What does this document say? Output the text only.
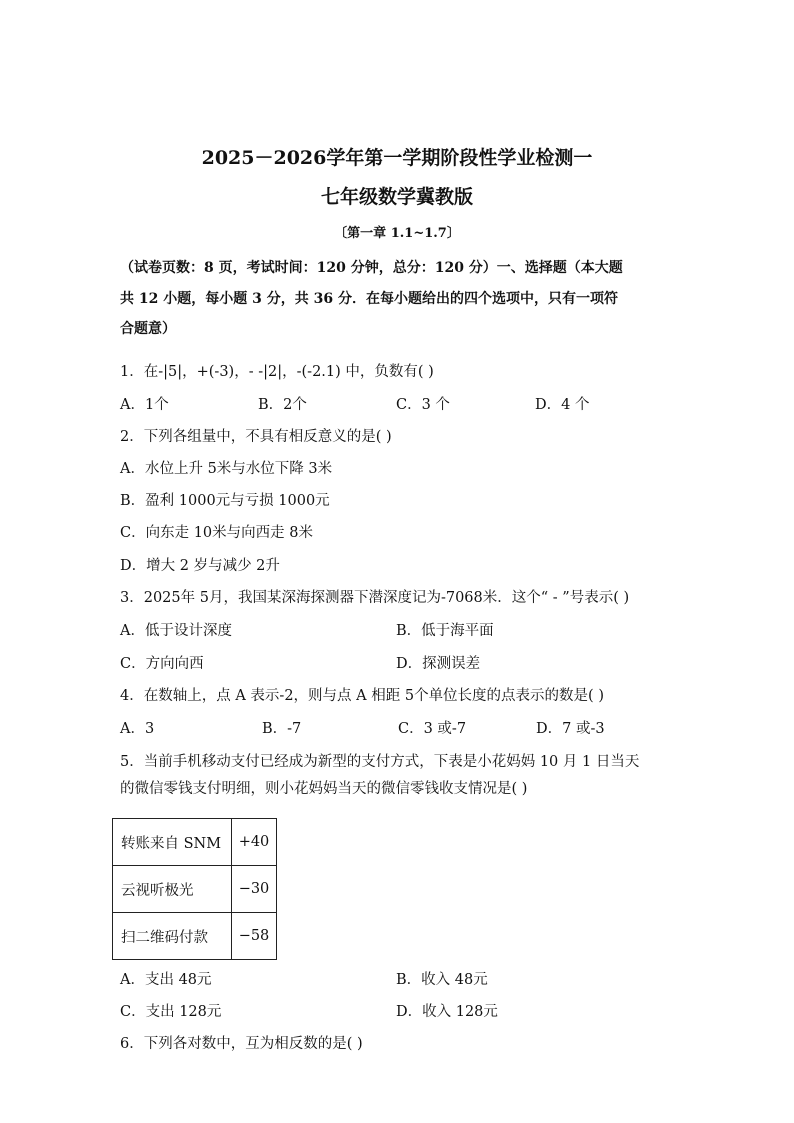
2025－2026学年第一学期阶段性学业检测一
七年级数学冀教版
〔第一章 1.1~1.7〕
（试卷页数：8 页，考试时间：120 分钟，总分：120 分）一、选择题（本大题
共 12 小题，每小题 3 分，共 36 分．在每小题给出的四个选项中，只有一项符
合题意）
1．在-|5|，+(-3)，- -|2|，-(-2.1) 中，负数有( )
A．1个	B．2个	C．3 个	D．4 个
2．下列各组量中，不具有相反意义的是( )
A．水位上升 5米与水位下降 3米
B．盈利 1000元与亏损 1000元
C．向东走 10米与向西走 8米
D．增大 2 岁与减少 2升
3．2025年 5月，我国某深海探测器下潜深度记为-7068米．这个“ - ”号表示( )
A．低于设计深度	B．低于海平面
C．方向向西	D．探测误差
4．在数轴上，点 A 表示-2，则与点 A 相距 5个单位长度的点表示的数是( )
A．3	B．-7	C．3 或-7	D．7 或-3
5．当前手机移动支付已经成为新型的支付方式，下表是小花妈妈 10 月 1 日当天
的微信零钱支付明细，则小花妈妈当天的微信零钱收支情况是( )
转账来自 SNM	+40
云视听极光	−30
扫二维码付款	−58
A．支出 48元	B．收入 48元
C．支出 128元	D．收入 128元
6．下列各对数中，互为相反数的是( )
